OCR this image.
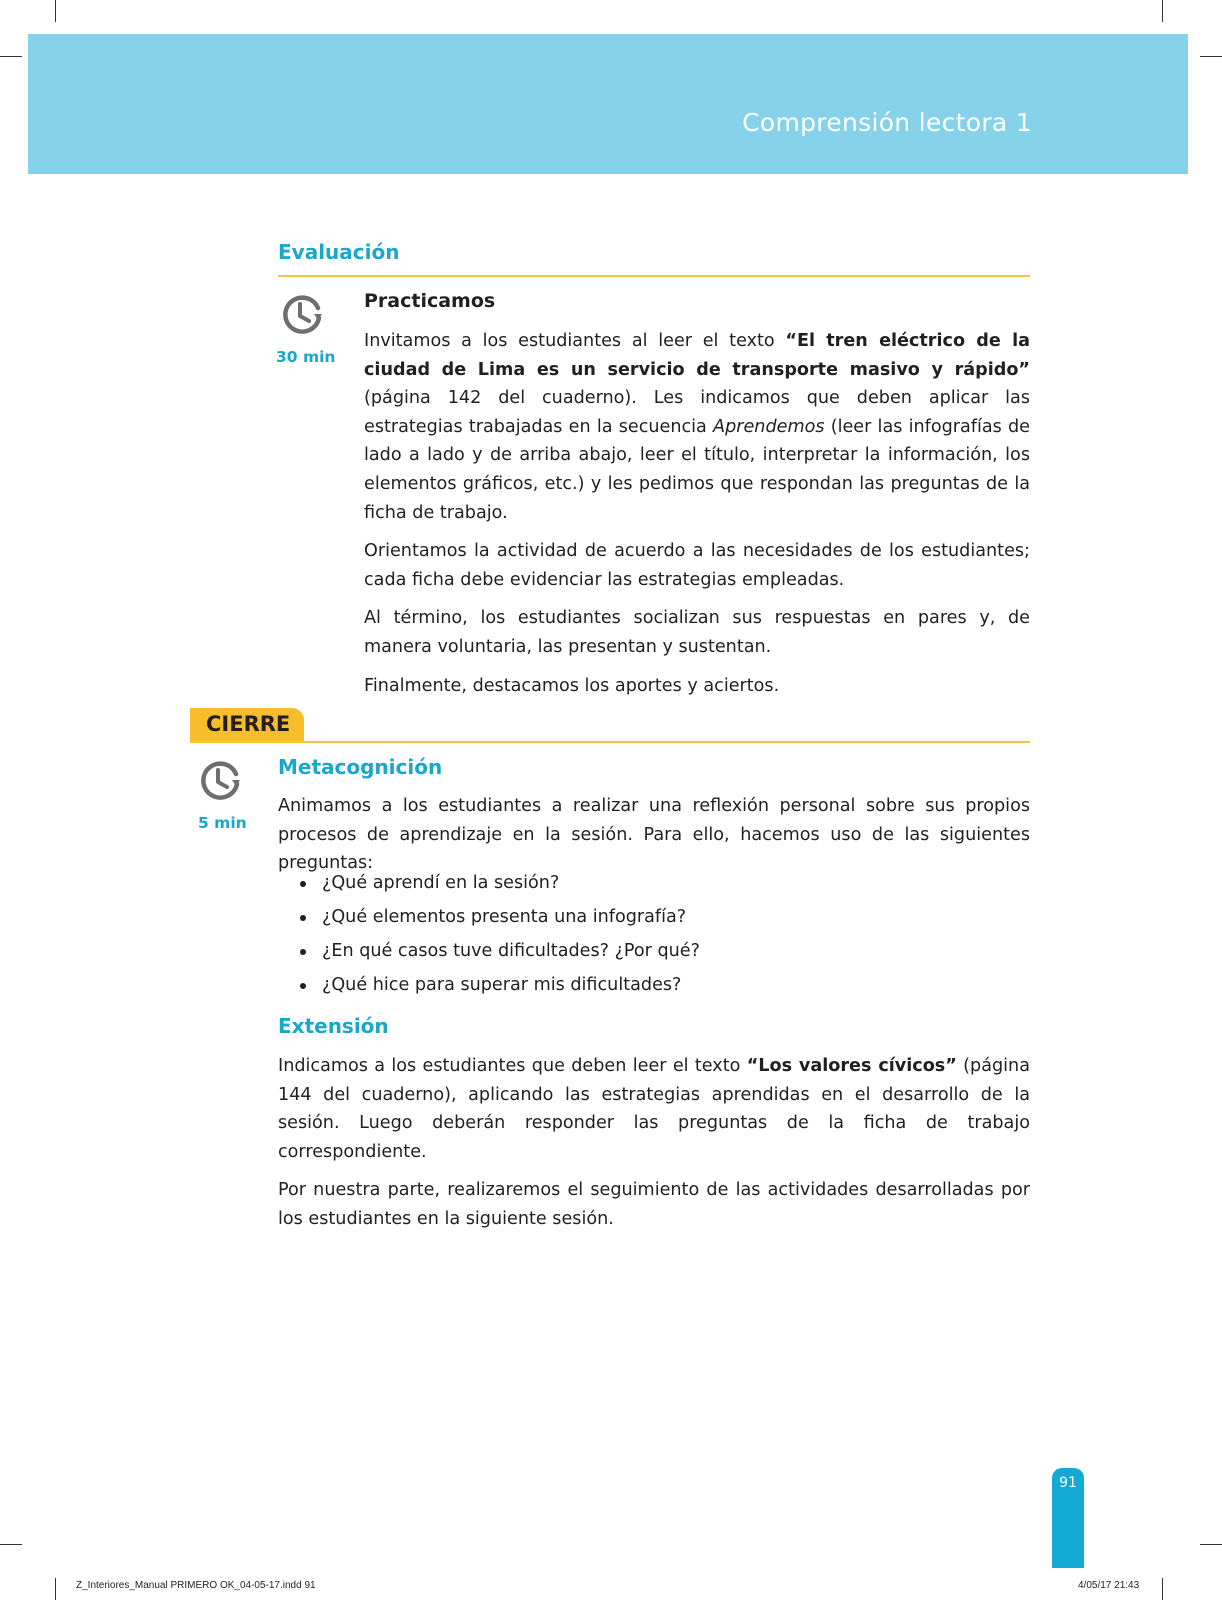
Comprensión lectora 1
Evaluación
30 min
Practicamos

Invitamos a los estudiantes al leer el texto “El tren eléctrico de la ciudad de Lima es un servicio de transporte masivo y rápido” (página 142 del cuaderno). Les indicamos que deben aplicar las estrategias trabajadas en la secuencia Aprendemos (leer las infografías de lado a lado y de arriba abajo, leer el título, interpretar la información, los elementos gráficos, etc.) y les pedimos que respondan las preguntas de la ficha de trabajo.

Orientamos la actividad de acuerdo a las necesidades de los estudiantes; cada ficha debe evidenciar las estrategias empleadas.

Al término, los estudiantes socializan sus respuestas en pares y, de manera voluntaria, las presentan y sustentan.

Finalmente, destacamos los aportes y aciertos.

CIERRE
5 min
Metacognición

Animamos a los estudiantes a realizar una reflexión personal sobre sus propios procesos de aprendizaje en la sesión. Para ello, hacemos uso de las siguientes preguntas:

¿Qué aprendí en la sesión?
¿Qué elementos presenta una infografía?
¿En qué casos tuve dificultades? ¿Por qué?
¿Qué hice para superar mis dificultades?
Extensión

Indicamos a los estudiantes que deben leer el texto “Los valores cívicos” (página 144 del cuaderno), aplicando las estrategias aprendidas en el desarrollo de la sesión. Luego deberán responder las preguntas de la ficha de trabajo correspondiente.

Por nuestra parte, realizaremos el seguimiento de las actividades desarrolladas por los estudiantes en la siguiente sesión.

91
Z_Interiores_Manual PRIMERO OK_04-05-17.indd 91	4/05/17 21:43
